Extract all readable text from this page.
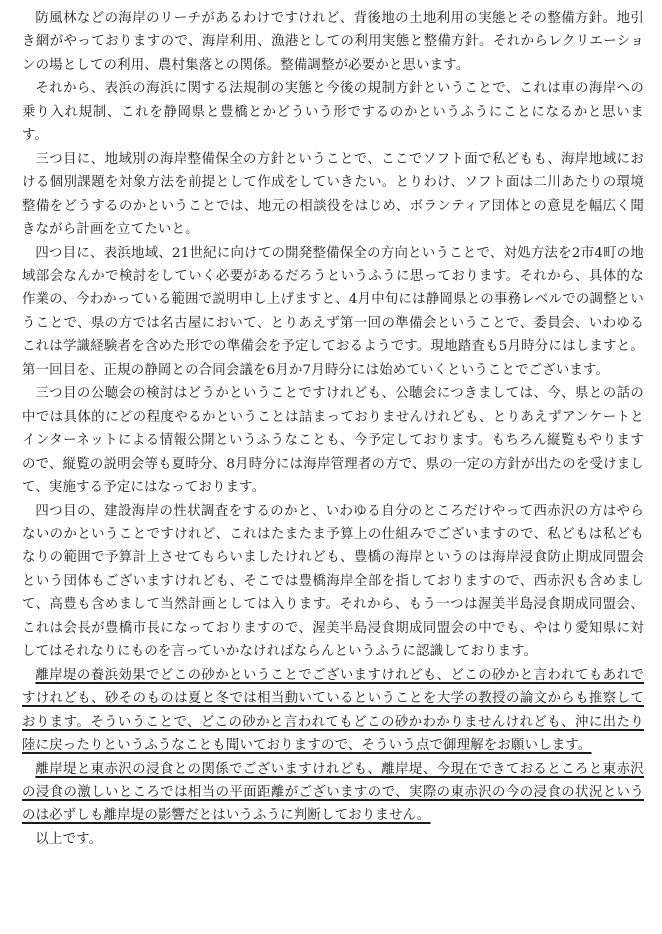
防風林などの海岸のリーチがあるわけですけれど、背後地の土地利用の実態とその整備方針。地引き網がやっておりますので、海岸利用、漁港としての利用実態と整備方針。それからレクリエーションの場としての利用、農村集落との関係。整備調整が必要かと思います。

それから、表浜の海浜に関する法規制の実態と今後の規制方針ということで、これは車の海岸への乗り入れ規制、これを静岡県と豊橋とかどういう形でするのかというふうにことになるかと思います。

三つ目に、地域別の海岸整備保全の方針ということで、ここでソフト面で私どもも、海岸地域における個別課題を対象方法を前提として作成をしていきたい。とりわけ、ソフト面は二川あたりの環境整備をどうするのかということでは、地元の相談役をはじめ、ボランティア団体との意見を幅広く聞きながら計画を立てたいと。

四つ目に、表浜地域、21世紀に向けての開発整備保全の方向ということで、対処方法を2市4町の地域部会なんかで検討をしていく必要があるだろうというふうに思っております。それから、具体的な作業の、今わかっている範囲で説明申し上げますと、4月中旬には静岡県との事務レベルでの調整ということで、県の方では名古屋において、とりあえず第一回の準備会ということで、委員会、いわゆるこれは学識経験者を含めた形での準備会を予定しておるようです。現地踏査も5月時分にはしますと。第一回目を、正規の静岡との合同会議を6月か7月時分には始めていくということでございます。

三つ目の公聴会の検討はどうかということですけれども、公聴会につきましては、今、県との話の中では具体的にどの程度やるかということは詰まっておりませんけれども、とりあえずアンケートとインターネットによる情報公開というふうなことも、今予定しております。もちろん縦覧もやりますので、縦覧の説明会等も夏時分、8月時分には海岸管理者の方で、県の一定の方針が出たのを受けまして、実施する予定にはなっております。

四つ目の、建設海岸の性状調査をするのかと、いわゆる自分のところだけやって西赤沢の方はやらないのかということですけれど、これはたまたま予算上の仕組みでございますので、私どもは私どもなりの範囲で予算計上させてもらいましたけれども、豊橋の海岸というのは海岸浸食防止期成同盟会という団体もございますけれども、そこでは豊橋海岸全部を指しておりますので、西赤沢も含めまして、高豊も含めまして当然計画としては入ります。それから、もう一つは渥美半島浸食期成同盟会、これは会長が豊橋市長になっておりますので、渥美半島浸食期成同盟会の中でも、やはり愛知県に対してはそれなりにものを言っていかなければならんというふうに認識しております。

離岸堤の養浜効果でどこの砂かということでございますけれども、どこの砂かと言われてもあれですけれども、砂そのものは夏と冬では相当動いているということを大学の教授の論文からも推察しております。そういうことで、どこの砂かと言われてもどこの砂かわかりませんけれども、沖に出たり陸に戻ったりというふうなことも聞いておりますので、そういう点で御理解をお願いします。

離岸堤と東赤沢の浸食との関係でございますけれども、離岸堤、今現在できておるところと東赤沢の浸食の激しいところでは相当の平面距離がございますので、実際の東赤沢の今の浸食の状況というのは必ずしも離岸堤の影響だとはいうふうに判断しておりません。

以上です。
